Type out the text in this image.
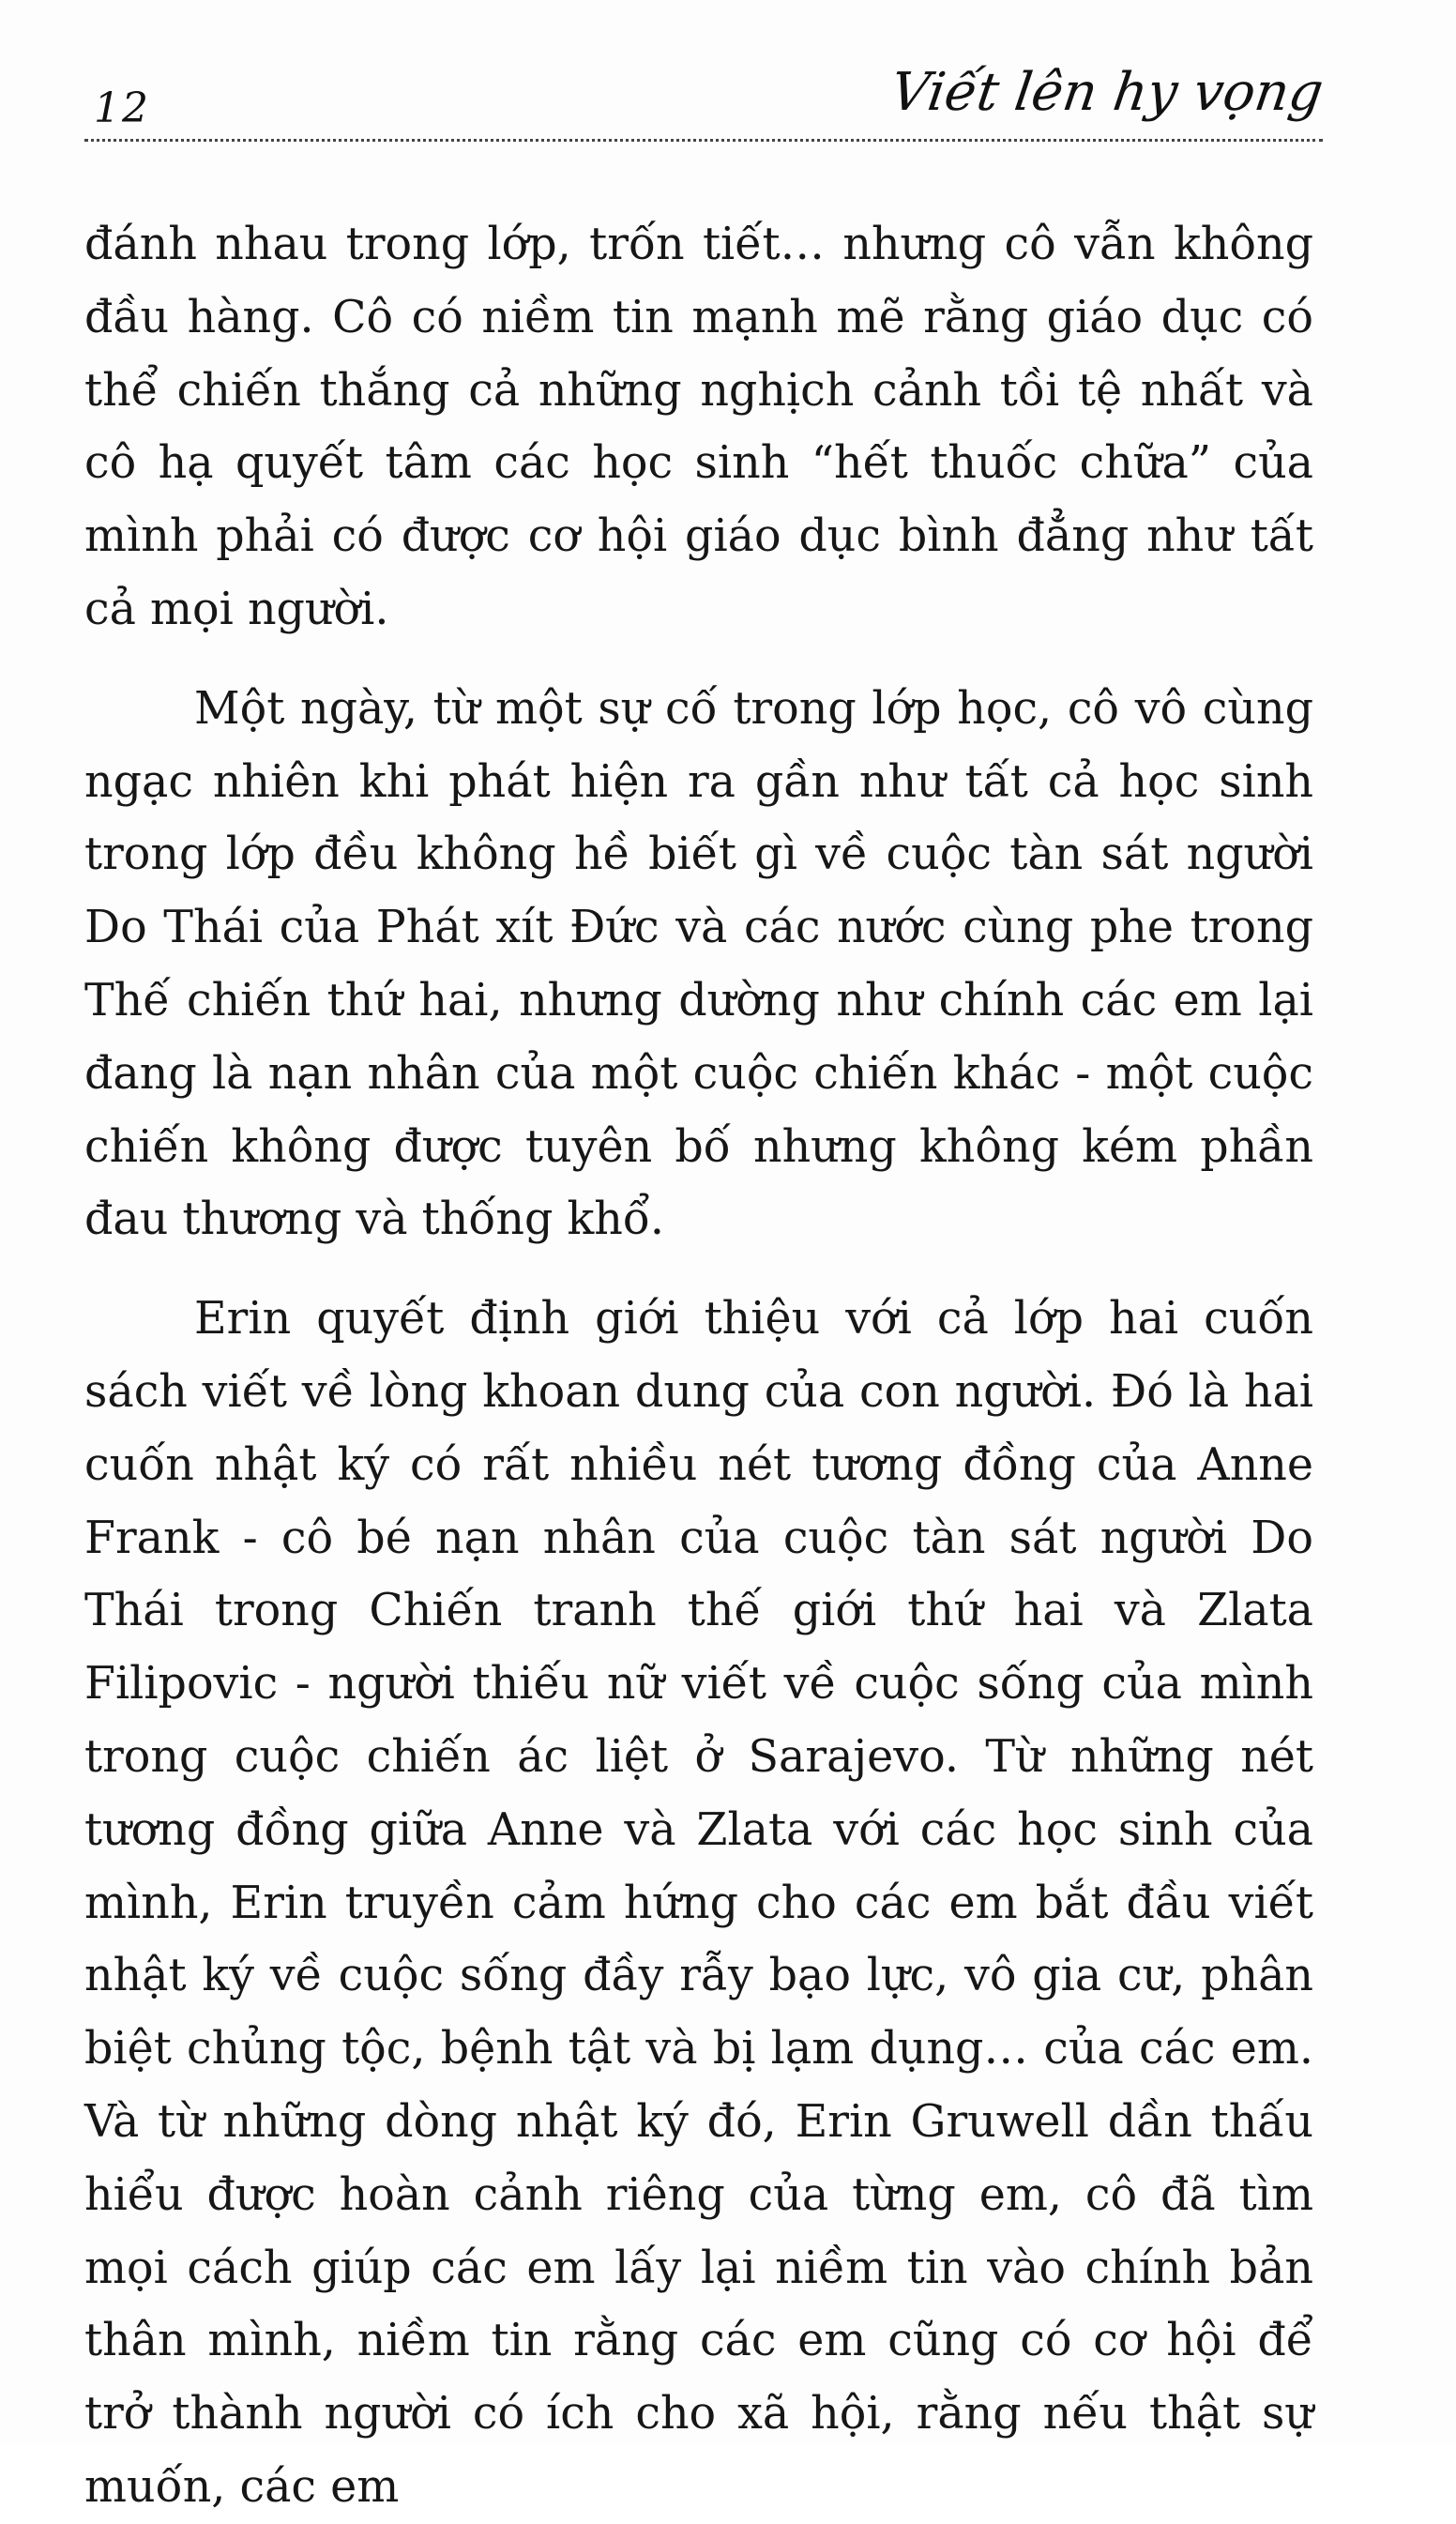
12	Viết lên hy vọng

đánh nhau trong lớp, trốn tiết… nhưng cô vẫn không đầu hàng. Cô có niềm tin mạnh mẽ rằng giáo dục có thể chiến thắng cả những nghịch cảnh tồi tệ nhất và cô hạ quyết tâm các học sinh “hết thuốc chữa” của mình phải có được cơ hội giáo dục bình đẳng như tất cả mọi người.

Một ngày, từ một sự cố trong lớp học, cô vô cùng ngạc nhiên khi phát hiện ra gần như tất cả học sinh trong lớp đều không hề biết gì về cuộc tàn sát người Do Thái của Phát xít Đức và các nước cùng phe trong Thế chiến thứ hai, nhưng dường như chính các em lại đang là nạn nhân của một cuộc chiến khác - một cuộc chiến không được tuyên bố nhưng không kém phần đau thương và thống khổ.

Erin quyết định giới thiệu với cả lớp hai cuốn sách viết về lòng khoan dung của con người. Đó là hai cuốn nhật ký có rất nhiều nét tương đồng của Anne Frank - cô bé nạn nhân của cuộc tàn sát người Do Thái trong Chiến tranh thế giới thứ hai và Zlata Filipovic - người thiếu nữ viết về cuộc sống của mình trong cuộc chiến ác liệt ở Sarajevo. Từ những nét tương đồng giữa Anne và Zlata với các học sinh của mình, Erin truyền cảm hứng cho các em bắt đầu viết nhật ký về cuộc sống đầy rẫy bạo lực, vô gia cư, phân biệt chủng tộc, bệnh tật và bị lạm dụng… của các em. Và từ những dòng nhật ký đó, Erin Gruwell dần thấu hiểu được hoàn cảnh riêng của từng em, cô đã tìm mọi cách giúp các em lấy lại niềm tin vào chính bản thân mình, niềm tin rằng các em cũng có cơ hội để trở thành người có ích cho xã hội, rằng nếu thật sự muốn, các em
